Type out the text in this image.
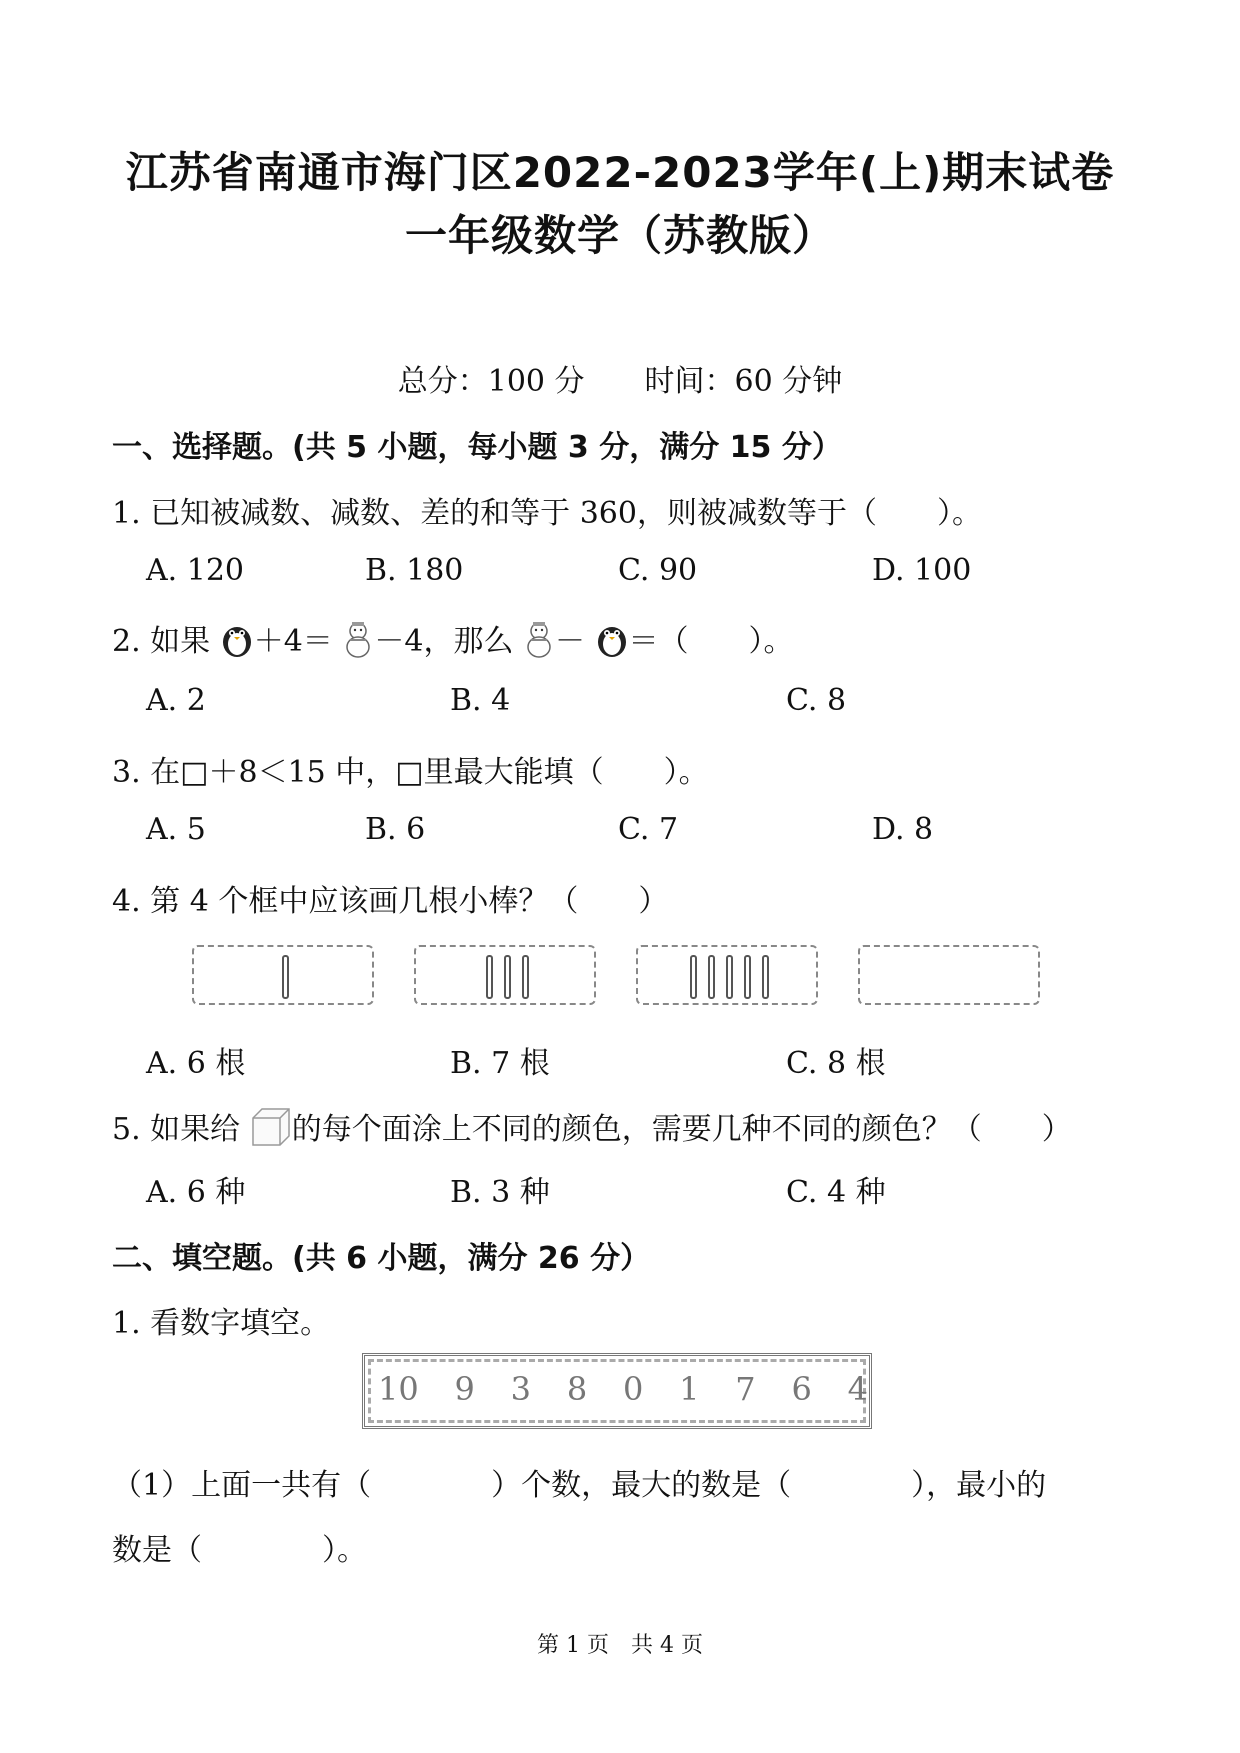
江苏省南通市海门区2022-2023学年(上)期末试卷
一年级数学（苏教版）
总分：100 分　　时间：60 分钟
一、选择题。(共 5 小题，每小题 3 分，满分 15 分）
1. 已知被减数、减数、差的和等于 360，则被减数等于（　　）。
A. 120	B. 180	C. 90	D. 100
2. 如果 ＋4＝ －4，那么 － ＝（　　）。
A. 2	B. 4	C. 8
3. 在□＋8＜15 中，□里最大能填（　　）。
A. 5	B. 6	C. 7	D. 8
4. 第 4 个框中应该画几根小棒？（　　）
A. 6 根	B. 7 根	C. 8 根
5. 如果给 的每个面涂上不同的颜色，需要几种不同的颜色？（　　）
A. 6 种	B. 3 种	C. 4 种
二、填空题。(共 6 小题，满分 26 分）
1. 看数字填空。
10 9 3 8 0 1 7 6 4
（1）上面一共有（　　　　）个数，最大的数是（　　　　），最小的
数是（　　　　）。
第 1 页　共 4 页
